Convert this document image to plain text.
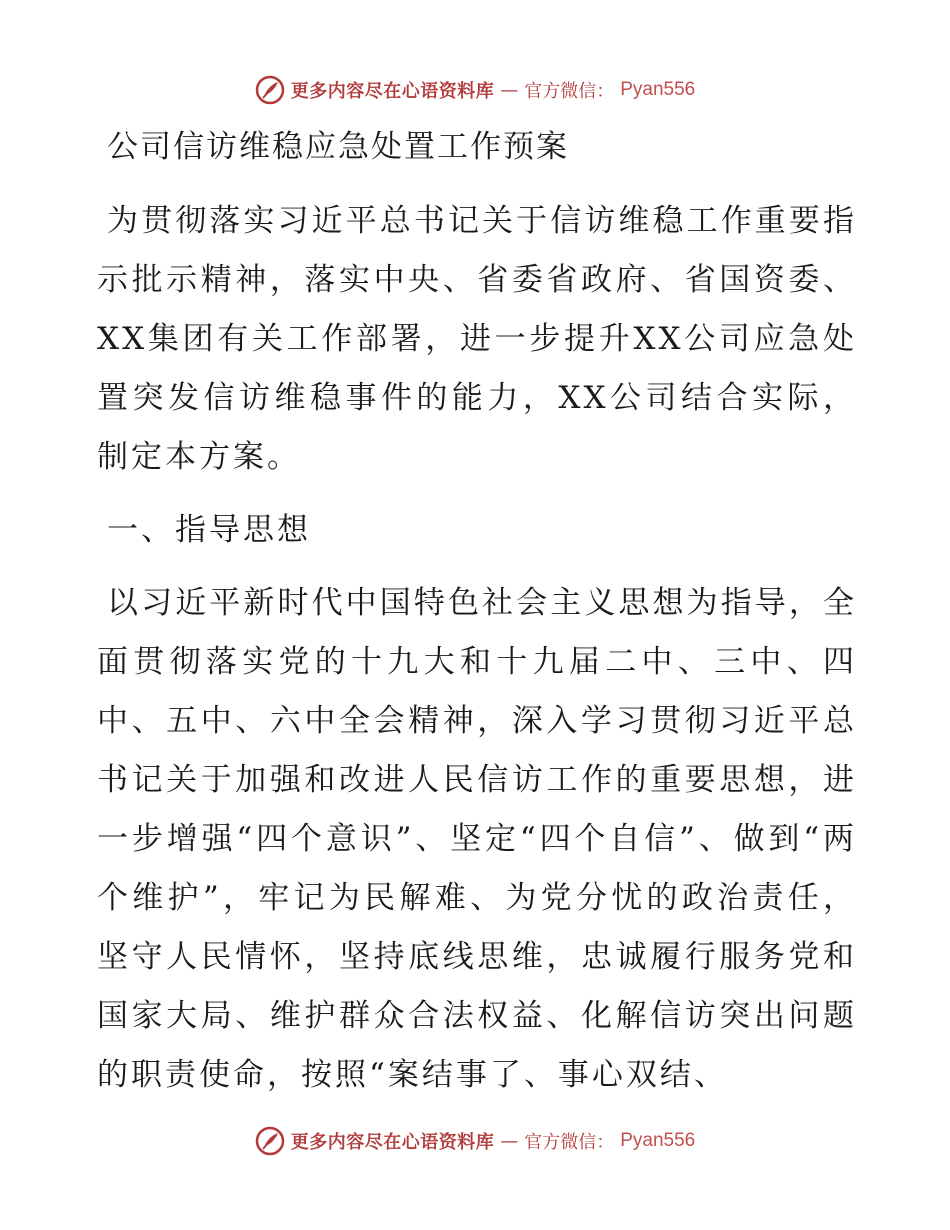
更多内容尽在心语资料库 — 官方微信： Pyan556
公司信访维稳应急处置工作预案

为贯彻落实习近平总书记关于信访维稳工作重要指示批示精神，落实中央、省委省政府、省国资委、XX集团有关工作部署，进一步提升XX公司应急处置突发信访维稳事件的能力，XX公司结合实际，制定本方案。

一、指导思想

以习近平新时代中国特色社会主义思想为指导，全面贯彻落实党的十九大和十九届二中、三中、四中、五中、六中全会精神，深入学习贯彻习近平总书记关于加强和改进人民信访工作的重要思想，进一步增强“四个意识”、坚定“四个自信”、做到“两个维护”，牢记为民解难、为党分忧的政治责任，坚守人民情怀，坚持底线思维，忠诚履行服务党和国家大局、维护群众合法权益、化解信访突出问题的职责使命，按照“案结事了、事心双结、

更多内容尽在心语资料库 — 官方微信： Pyan556
